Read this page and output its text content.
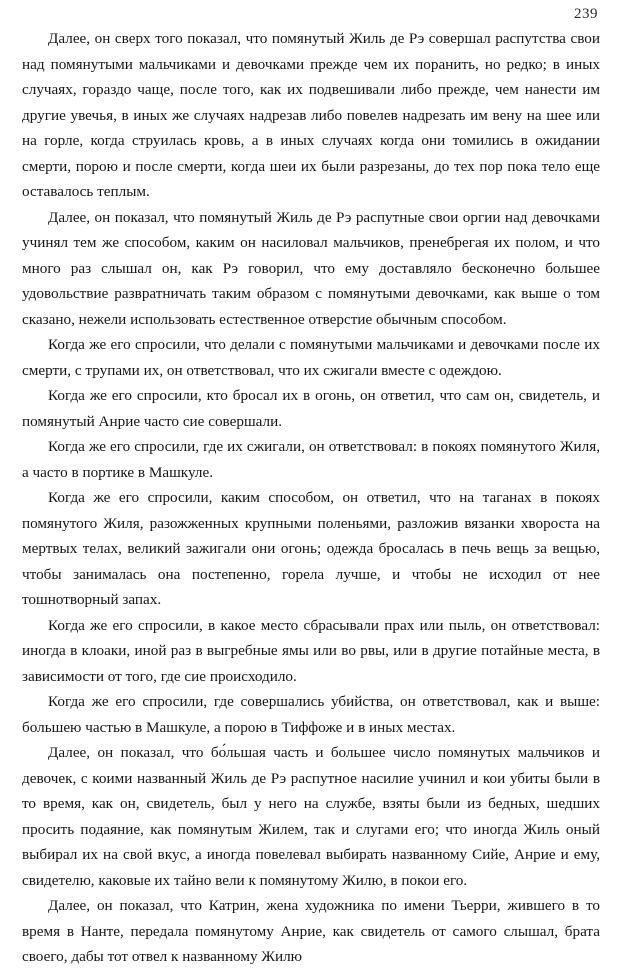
239

Далее, он сверх того показал, что помянутый Жиль де Рэ совершал распутства свои над помянутыми мальчиками и девочками прежде чем их поранить, но редко; в иных случаях, гораздо чаще, после того, как их подвешивали либо прежде, чем нанести им другие увечья, в иных же случаях надрезав либо повелев надрезать им вену на шее или на горле, когда струилась кровь, а в иных случаях когда они томились в ожидании смерти, порою и после смерти, когда шеи их были разрезаны, до тех пор пока тело еще оставалось теплым.

Далее, он показал, что помянутый Жиль де Рэ распутные свои оргии над девочками учинял тем же способом, каким он насиловал мальчиков, пренебрегая их полом, и что много раз слышал он, как Рэ говорил, что ему доставляло бесконечно большее удовольствие развратничать таким образом с помянутыми девочками, как выше о том сказано, нежели использовать естественное отверстие обычным способом.

Когда же его спросили, что делали с помянутыми мальчиками и девочками после их смерти, с трупами их, он ответствовал, что их сжигали вместе с одеждою.

Когда же его спросили, кто бросал их в огонь, он ответил, что сам он, свидетель, и помянутый Анрие часто сие совершали.

Когда же его спросили, где их сжигали, он ответствовал: в покоях помянутого Жиля, а часто в портике в Машкуле.

Когда же его спросили, каким способом, он ответил, что на таганах в покоях помянутого Жиля, разожженных крупными поленьями, разложив вязанки хвороста на мертвых телах, великий зажигали они огонь; одежда бросалась в печь вещь за вещью, чтобы занималась она постепенно, горела лучше, и чтобы не исходил от нее тошнотворный запах.

Когда же его спросили, в какое место сбрасывали прах или пыль, он ответствовал: иногда в клоаки, иной раз в выгребные ямы или во рвы, или в другие потайные места, в зависимости от того, где сие происходило.

Когда же его спросили, где совершались убийства, он ответствовал, как и выше: большею частью в Машкуле, а порою в Тиффоже и в иных местах.

Далее, он показал, что бо́льшая часть и большее число помянутых мальчиков и девочек, с коими названный Жиль де Рэ распутное насилие учинил и кои убиты были в то время, как он, свидетель, был у него на службе, взяты были из бедных, шедших просить подаяние, как помянутым Жилем, так и слугами его; что иногда Жиль оный выбирал их на свой вкус, а иногда повелевал выбирать названному Сийе, Анрие и ему, свидетелю, каковые их тайно вели к помянутому Жилю, в покои его.

Далее, он показал, что Катрин, жена художника по имени Тьерри, жившего в то время в Нанте, передала помянутому Анрие, как свидетель от самого слышал, брата своего, дабы тот отвел к названному Жилю
